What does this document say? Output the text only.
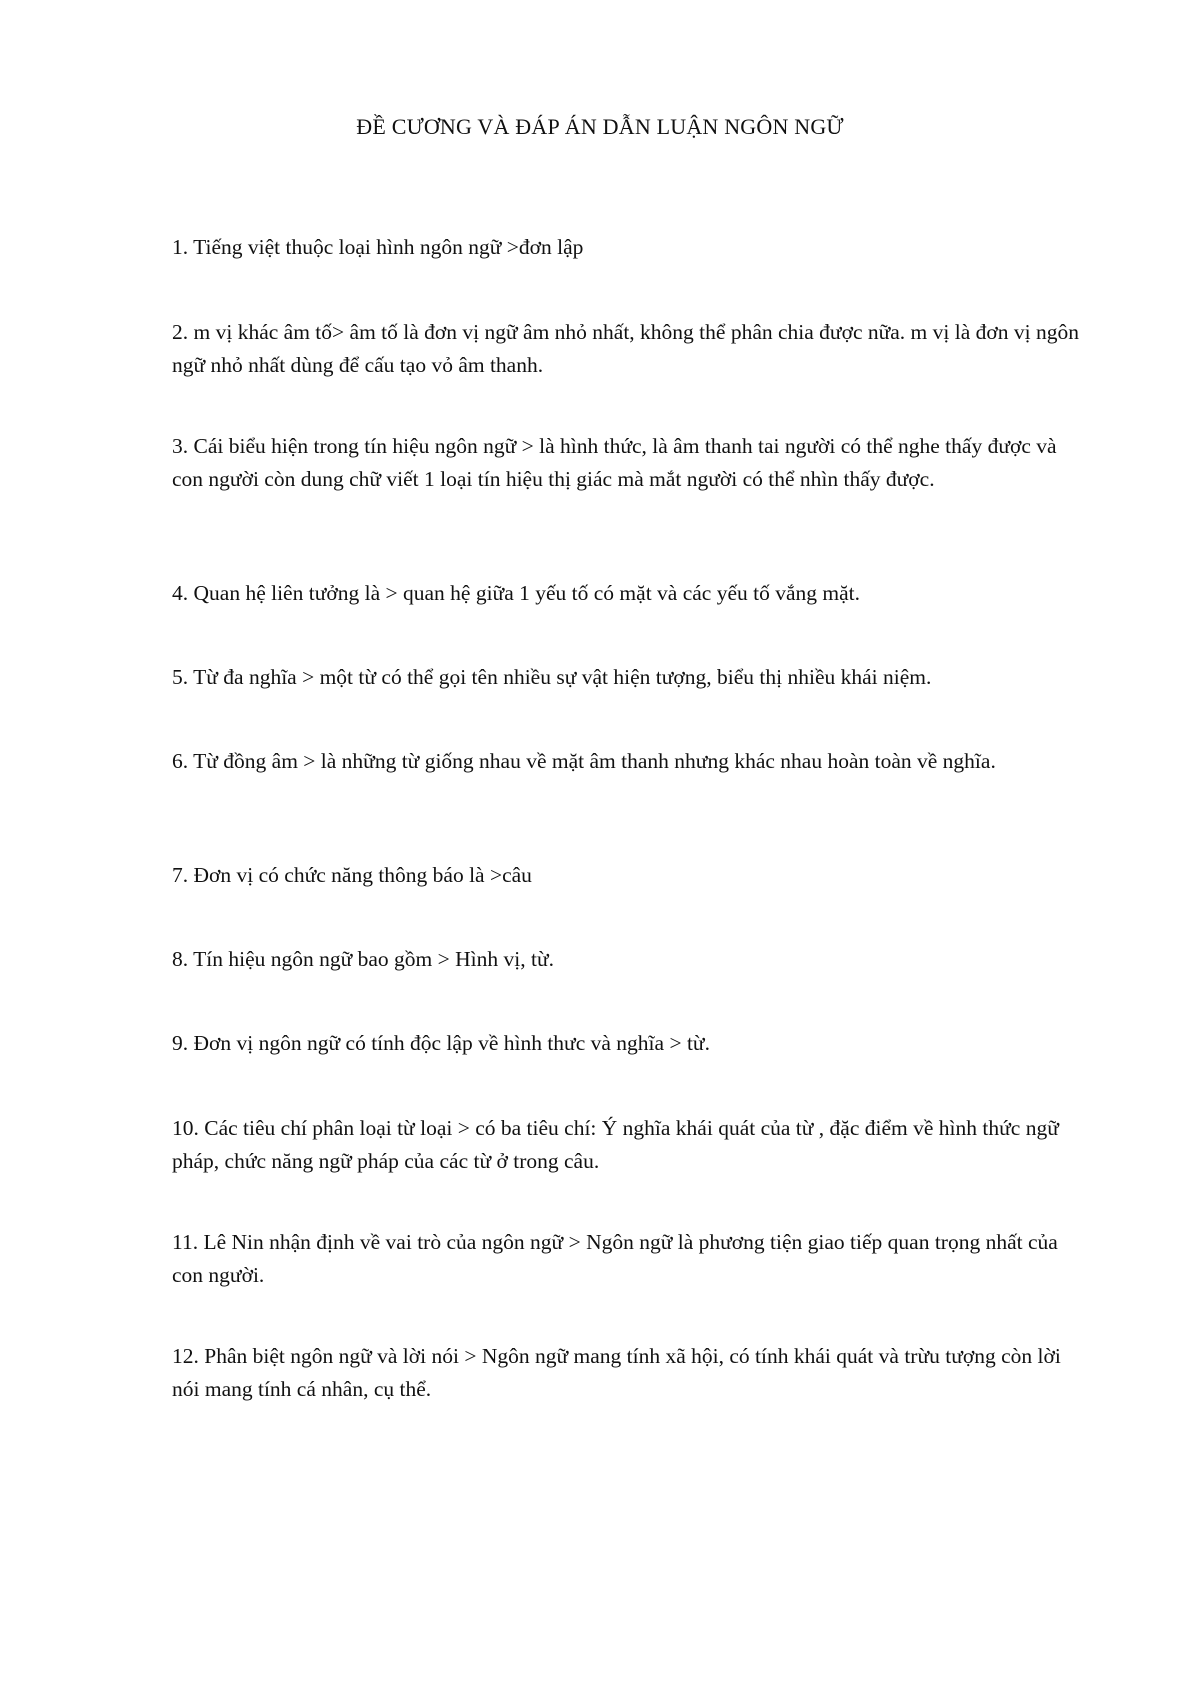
ĐỀ CƯƠNG VÀ ĐÁP ÁN DẪN LUẬN NGÔN NGỮ

1. Tiếng việt thuộc loại hình ngôn ngữ >đơn lập

2. m vị khác âm tố> âm tố là đơn vị ngữ âm nhỏ nhất, không thể phân chia được nữa. m vị là đơn vị ngôn ngữ nhỏ nhất dùng để cấu tạo vỏ âm thanh.

3. Cái biểu hiện trong tín hiệu ngôn ngữ > là hình thức, là âm thanh tai người có thể nghe thấy được và con người còn dung chữ viết 1 loại tín hiệu thị giác mà mắt người có thể nhìn thấy được.

4. Quan hệ liên tưởng là > quan hệ giữa 1 yếu tố có mặt và các yếu tố vắng mặt.

5. Từ đa nghĩa > một từ có thể gọi tên nhiều sự vật hiện tượng, biểu thị nhiều khái niệm.

6. Từ đồng âm > là những từ giống nhau về mặt âm thanh nhưng khác nhau hoàn toàn về nghĩa.

7. Đơn vị có chức năng thông báo là >câu

8. Tín hiệu ngôn ngữ bao gồm > Hình vị, từ.

9. Đơn vị ngôn ngữ có tính độc lập về hình thưc và nghĩa > từ.

10. Các tiêu chí phân loại từ loại > có ba tiêu chí: Ý nghĩa khái quát của từ , đặc điểm về hình thức ngữ pháp, chức năng ngữ pháp của các từ ở trong câu.

11. Lê Nin nhận định về vai trò của ngôn ngữ > Ngôn ngữ là phương tiện giao tiếp quan trọng nhất của con người.

12. Phân biệt ngôn ngữ và lời nói > Ngôn ngữ mang tính xã hội, có tính khái quát và trừu tượng còn lời nói mang tính cá nhân, cụ thể.
